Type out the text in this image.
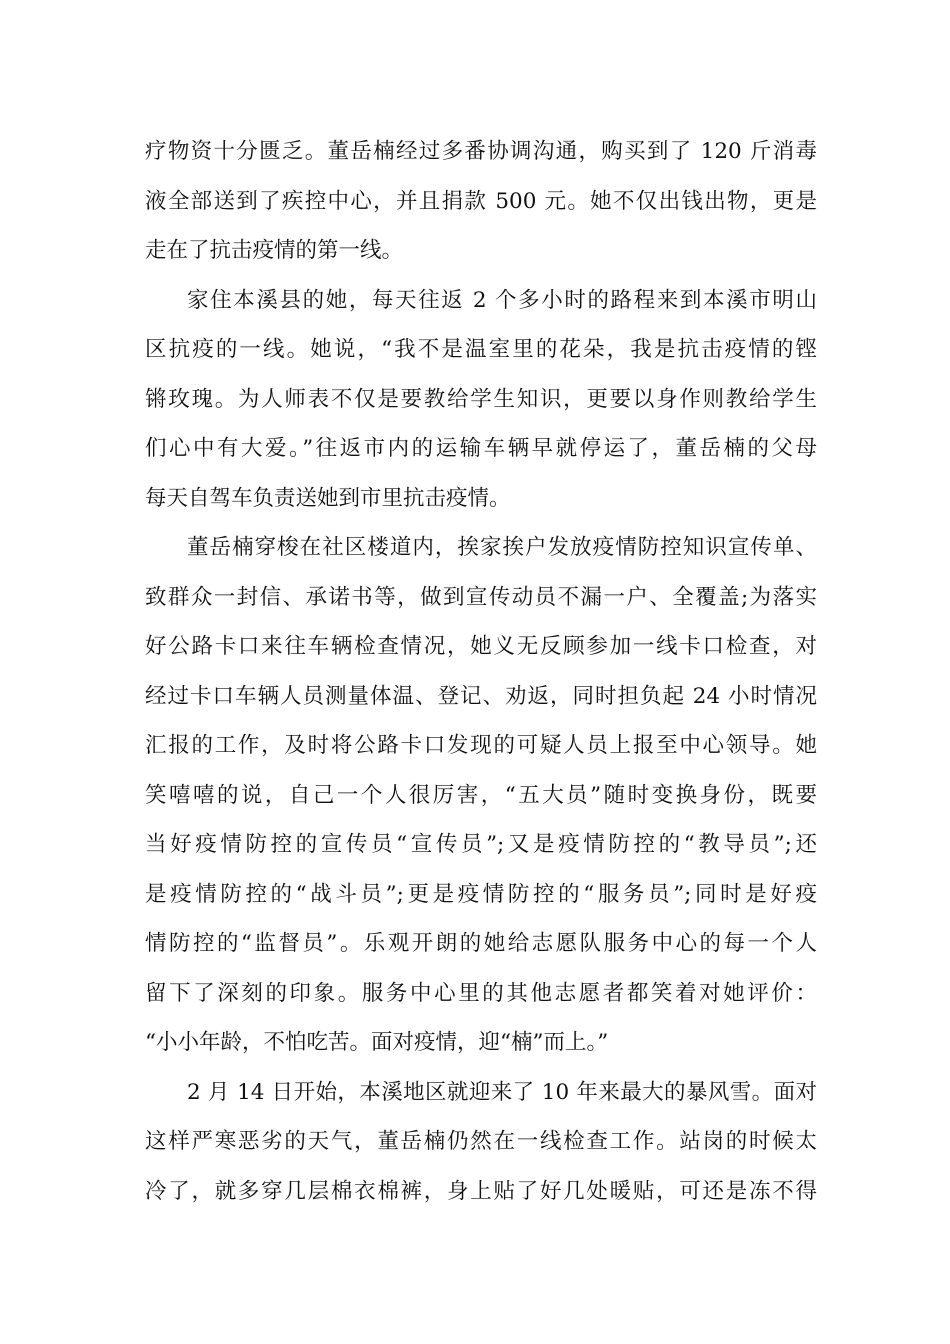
疗物资十分匮乏。董岳楠经过多番协调沟通，购买到了 120 斤消毒
液全部送到了疾控中心，并且捐款 500 元。她不仅出钱出物，更是
走在了抗击疫情的第一线。
家住本溪县的她，每天往返 2 个多小时的路程来到本溪市明山
区抗疫的一线。她说，“我不是温室里的花朵，我是抗击疫情的铿
锵玫瑰。为人师表不仅是要教给学生知识，更要以身作则教给学生
们心中有大爱。”往返市内的运输车辆早就停运了，董岳楠的父母
每天自驾车负责送她到市里抗击疫情。
董岳楠穿梭在社区楼道内，挨家挨户发放疫情防控知识宣传单、
致群众一封信、承诺书等，做到宣传动员不漏一户、全覆盖;为落实
好公路卡口来往车辆检查情况，她义无反顾参加一线卡口检查，对
经过卡口车辆人员测量体温、登记、劝返，同时担负起 24 小时情况
汇报的工作，及时将公路卡口发现的可疑人员上报至中心领导。她
笑嘻嘻的说，自己一个人很厉害，“五大员”随时变换身份，既要
当好疫情防控的宣传员“宣传员”;又是疫情防控的“教导员”;还
是疫情防控的“战斗员”;更是疫情防控的“服务员”;同时是好疫
情防控的“监督员”。乐观开朗的她给志愿队服务中心的每一个人
留下了深刻的印象。服务中心里的其他志愿者都笑着对她评价：
“小小年龄，不怕吃苦。面对疫情，迎“楠”而上。”
2 月 14 日开始，本溪地区就迎来了 10 年来最大的暴风雪。面对
这样严寒恶劣的天气，董岳楠仍然在一线检查工作。站岗的时候太
冷了，就多穿几层棉衣棉裤，身上贴了好几处暖贴，可还是冻不得
